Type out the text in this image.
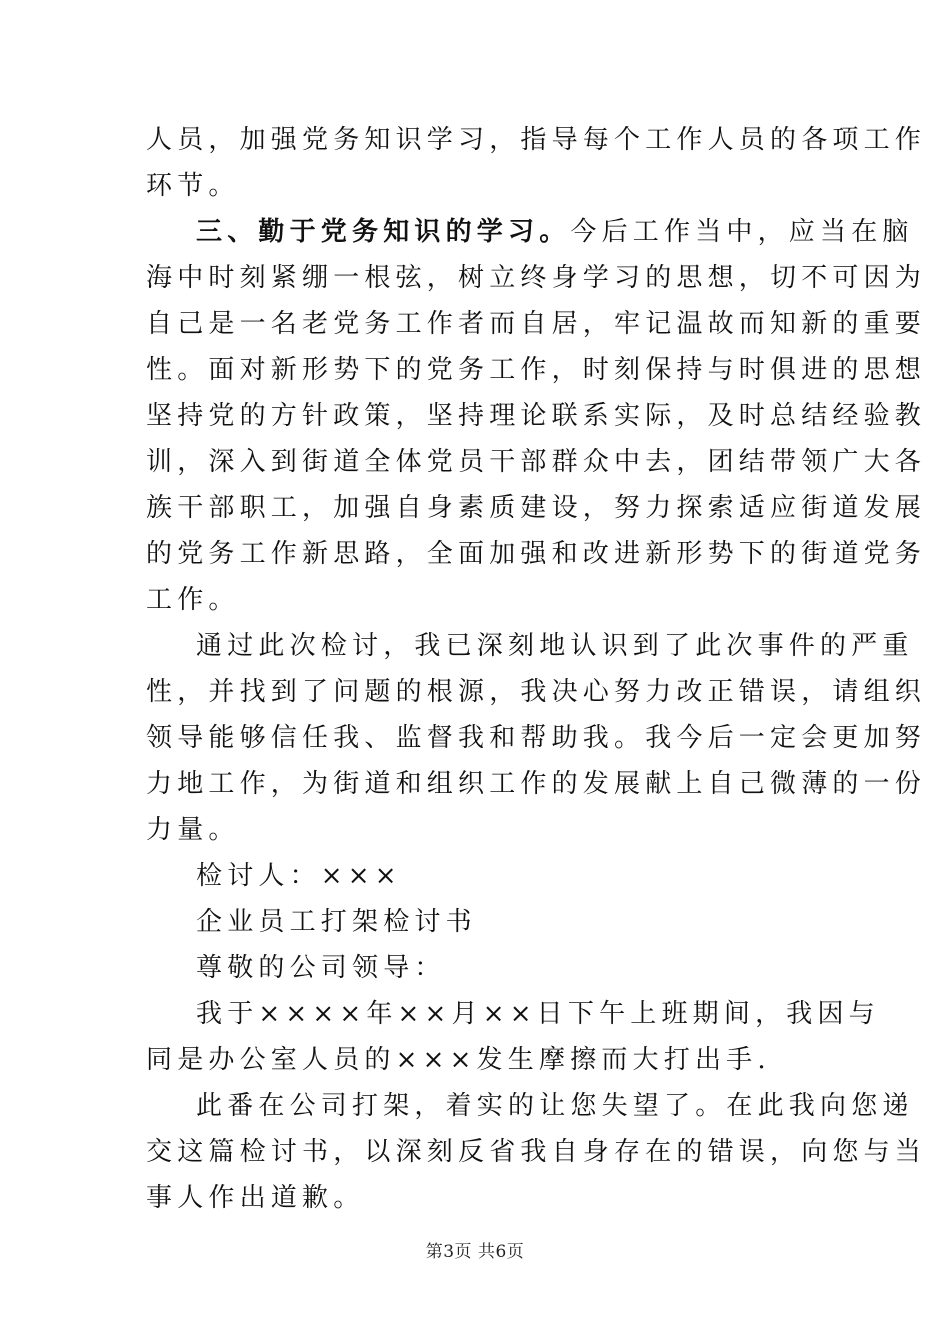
人员，加强党务知识学习，指导每个工作人员的各项工作
环节。
三、勤于党务知识的学习。今后工作当中，应当在脑
海中时刻紧绷一根弦，树立终身学习的思想，切不可因为
自己是一名老党务工作者而自居，牢记温故而知新的重要
性。面对新形势下的党务工作，时刻保持与时俱进的思想
坚持党的方针政策，坚持理论联系实际，及时总结经验教
训，深入到街道全体党员干部群众中去，团结带领广大各
族干部职工，加强自身素质建设，努力探索适应街道发展
的党务工作新思路，全面加强和改进新形势下的街道党务
工作。
通过此次检讨，我已深刻地认识到了此次事件的严重
性，并找到了问题的根源，我决心努力改正错误，请组织
领导能够信任我、监督我和帮助我。我今后一定会更加努
力地工作，为街道和组织工作的发展献上自己微薄的一份
力量。
检讨人：×××
企业员工打架检讨书
尊敬的公司领导：
我于××××年××月××日下午上班期间，我因与
同是办公室人员的×××发生摩擦而大打出手.
此番在公司打架，着实的让您失望了。在此我向您递
交这篇检讨书，以深刻反省我自身存在的错误，向您与当
事人作出道歉。
第3页 共6页
